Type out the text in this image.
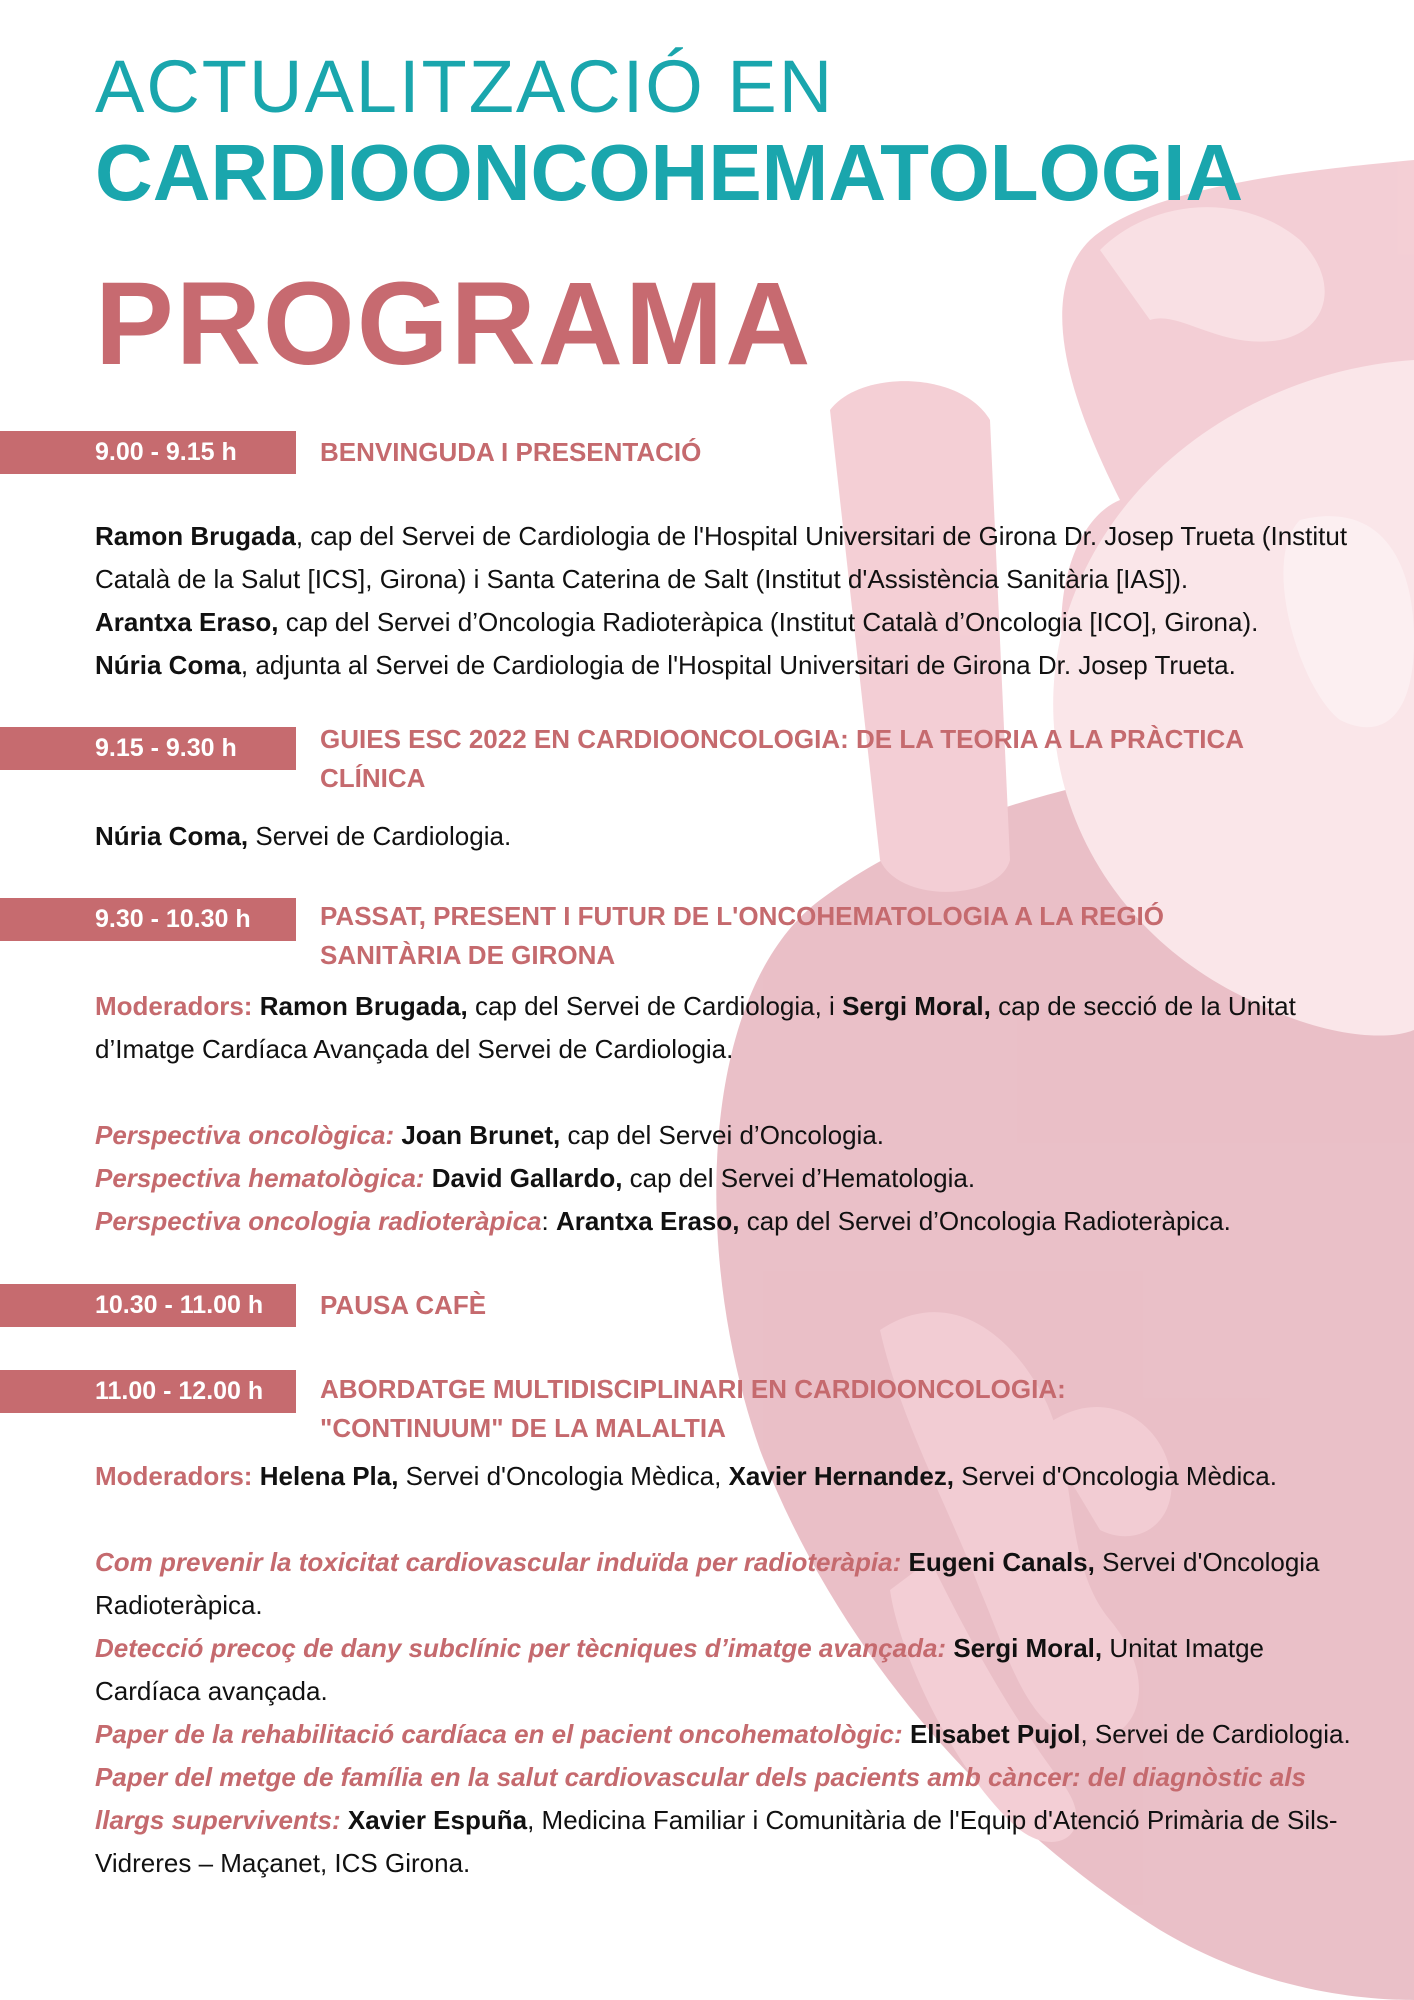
ACTUALITZACIÓ EN
CARDIOONCOHEMATOLOGIA
PROGRAMA
9.00 - 9.15 h	BENVINGUDA I PRESENTACIÓ

Ramon Brugada, cap del Servei de Cardiologia de l'Hospital Universitari de Girona Dr. Josep Trueta (Institut Català de la Salut [ICS], Girona) i Santa Caterina de Salt (Institut d'Assistència Sanitària [IAS]).

Arantxa Eraso, cap del Servei d’Oncologia Radioteràpica (Institut Català d’Oncologia [ICO], Girona).

Núria Coma, adjunta al Servei de Cardiologia de l'Hospital Universitari de Girona Dr. Josep Trueta.

9.15 - 9.30 h	GUIES ESC 2022 EN CARDIOONCOLOGIA: DE LA TEORIA A LA PRÀCTICA CLÍNICA

Núria Coma, Servei de Cardiologia.

9.30 - 10.30 h	PASSAT, PRESENT I FUTUR DE L'ONCOHEMATOLOGIA A LA REGIÓ SANITÀRIA DE GIRONA

Moderadors: Ramon Brugada, cap del Servei de Cardiologia, i Sergi Moral, cap de secció de la Unitat d’Imatge Cardíaca Avançada del Servei de Cardiologia.

Perspectiva oncològica: Joan Brunet, cap del Servei d’Oncologia.

Perspectiva hematològica: David Gallardo, cap del Servei d’Hematologia.

Perspectiva oncologia radioteràpica: Arantxa Eraso, cap del Servei d’Oncologia Radioteràpica.

10.30 - 11.00 h	PAUSA CAFÈ
11.00 - 12.00 h	ABORDATGE MULTIDISCIPLINARI EN CARDIOONCOLOGIA: "CONTINUUM" DE LA MALALTIA

Moderadors: Helena Pla, Servei d'Oncologia Mèdica, Xavier Hernandez, Servei d'Oncologia Mèdica.

Com prevenir la toxicitat cardiovascular induïda per radioteràpia: Eugeni Canals, Servei d'Oncologia Radioteràpica.

Detecció precoç de dany subclínic per tècniques d’imatge avançada: Sergi Moral, Unitat Imatge Cardíaca avançada.

Paper de la rehabilitació cardíaca en el pacient oncohematològic: Elisabet Pujol, Servei de Cardiologia.

Paper del metge de família en la salut cardiovascular dels pacients amb càncer: del diagnòstic als llargs supervivents: Xavier Espuña, Medicina Familiar i Comunitària de l'Equip d'Atenció Primària de Sils-Vidreres – Maçanet, ICS Girona.
